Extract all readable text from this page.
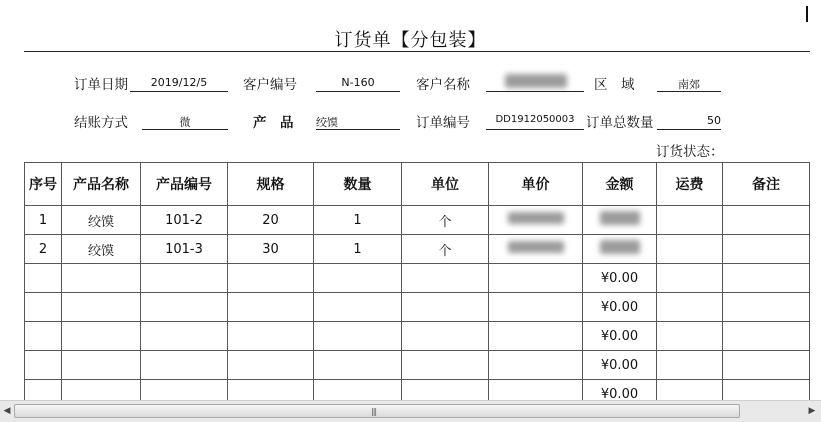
订货单【分包装】
订单日期	2019/12/5	客户编号	N-160	客户名称	区　域	南郊
结账方式	微	产　品 绞馍	订单编号	DD1912050003 订单总数量	50
订货状态：
序号	产品名称	产品编号	规格	数量	单位	单价	金额	运费	备注
1	绞馍	101-2	20	1	个				
2	绞馍	101-3	30	1	个				
							¥0.00		
							¥0.00		
							¥0.00		
							¥0.00		
							¥0.00		
◀	|||	▶
